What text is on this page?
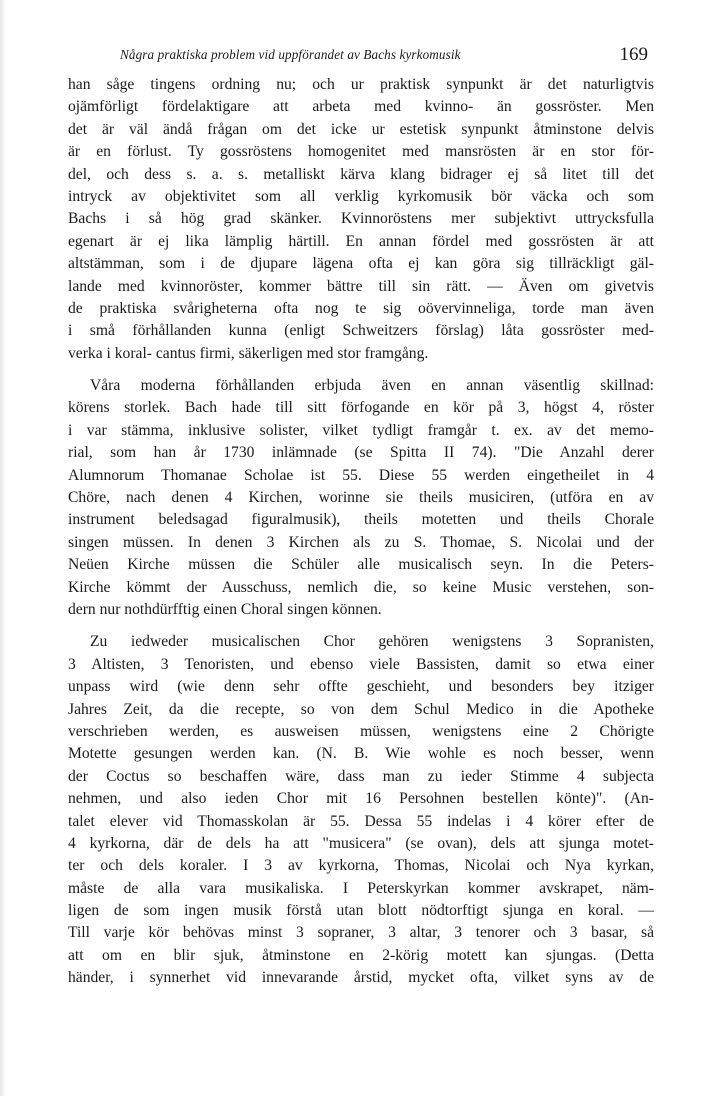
Några praktiska problem vid uppförandet av Bachs kyrkomusik	169
han såge tingens ordning nu; och ur praktisk synpunkt är det naturligtvis
ojämförligt fördelaktigare att arbeta med kvinno- än gossröster. Men
det är väl ändå frågan om det icke ur estetisk synpunkt åtminstone delvis
är en förlust. Ty gossröstens homogenitet med mansrösten är en stor för-
del, och dess s. a. s. metalliskt kärva klang bidrager ej så litet till det
intryck av objektivitet som all verklig kyrkomusik bör väcka och som
Bachs i så hög grad skänker. Kvinnoröstens mer subjektivt uttrycksfulla
egenart är ej lika lämplig härtill. En annan fördel med gossrösten är att
altstämman, som i de djupare lägena ofta ej kan göra sig tillräckligt gäl-
lande med kvinnoröster, kommer bättre till sin rätt. — Även om givetvis
de praktiska svårigheterna ofta nog te sig oövervinneliga, torde man även
i små förhållanden kunna (enligt Schweitzers förslag) låta gossröster med-
verka i koral- cantus firmi, säkerligen med stor framgång.
Våra moderna förhållanden erbjuda även en annan väsentlig skillnad:
körens storlek. Bach hade till sitt förfogande en kör på 3, högst 4, röster
i var stämma, inklusive solister, vilket tydligt framgår t. ex. av det memo-
rial, som han år 1730 inlämnade (se Spitta II 74). "Die Anzahl derer
Alumnorum Thomanae Scholae ist 55. Diese 55 werden eingetheilet in 4
Chöre, nach denen 4 Kirchen, worinne sie theils musiciren, (utföra en av
instrument beledsagad figuralmusik), theils motetten und theils Chorale
singen müssen. In denen 3 Kirchen als zu S. Thomae, S. Nicolai und der
Neüen Kirche müssen die Schüler alle musicalisch seyn. In die Peters-
Kirche kömmt der Ausschuss, nemlich die, so keine Music verstehen, son-
dern nur nothdürfftig einen Choral singen können.
Zu iedweder musicalischen Chor gehören wenigstens 3 Sopranisten,
3 Altisten, 3 Tenoristen, und ebenso viele Bassisten, damit so etwa einer
unpass wird (wie denn sehr offte geschieht, und besonders bey itziger
Jahres Zeit, da die recepte, so von dem Schul Medico in die Apotheke
verschrieben werden, es ausweisen müssen, wenigstens eine 2 Chörigte
Motette gesungen werden kan. (N. B. Wie wohle es noch besser, wenn
der Coctus so beschaffen wäre, dass man zu ieder Stimme 4 subjecta
nehmen, und also ieden Chor mit 16 Persohnen bestellen könte)". (An-
talet elever vid Thomasskolan är 55. Dessa 55 indelas i 4 körer efter de
4 kyrkorna, där de dels ha att "musicera" (se ovan), dels att sjunga motet-
ter och dels koraler. I 3 av kyrkorna, Thomas, Nicolai och Nya kyrkan,
måste de alla vara musikaliska. I Peterskyrkan kommer avskrapet, näm-
ligen de som ingen musik förstå utan blott nödtorftigt sjunga en koral. —
Till varje kör behövas minst 3 sopraner, 3 altar, 3 tenorer och 3 basar, så
att om en blir sjuk, åtminstone en 2-körig motett kan sjungas. (Detta
händer, i synnerhet vid innevarande årstid, mycket ofta, vilket syns av de
